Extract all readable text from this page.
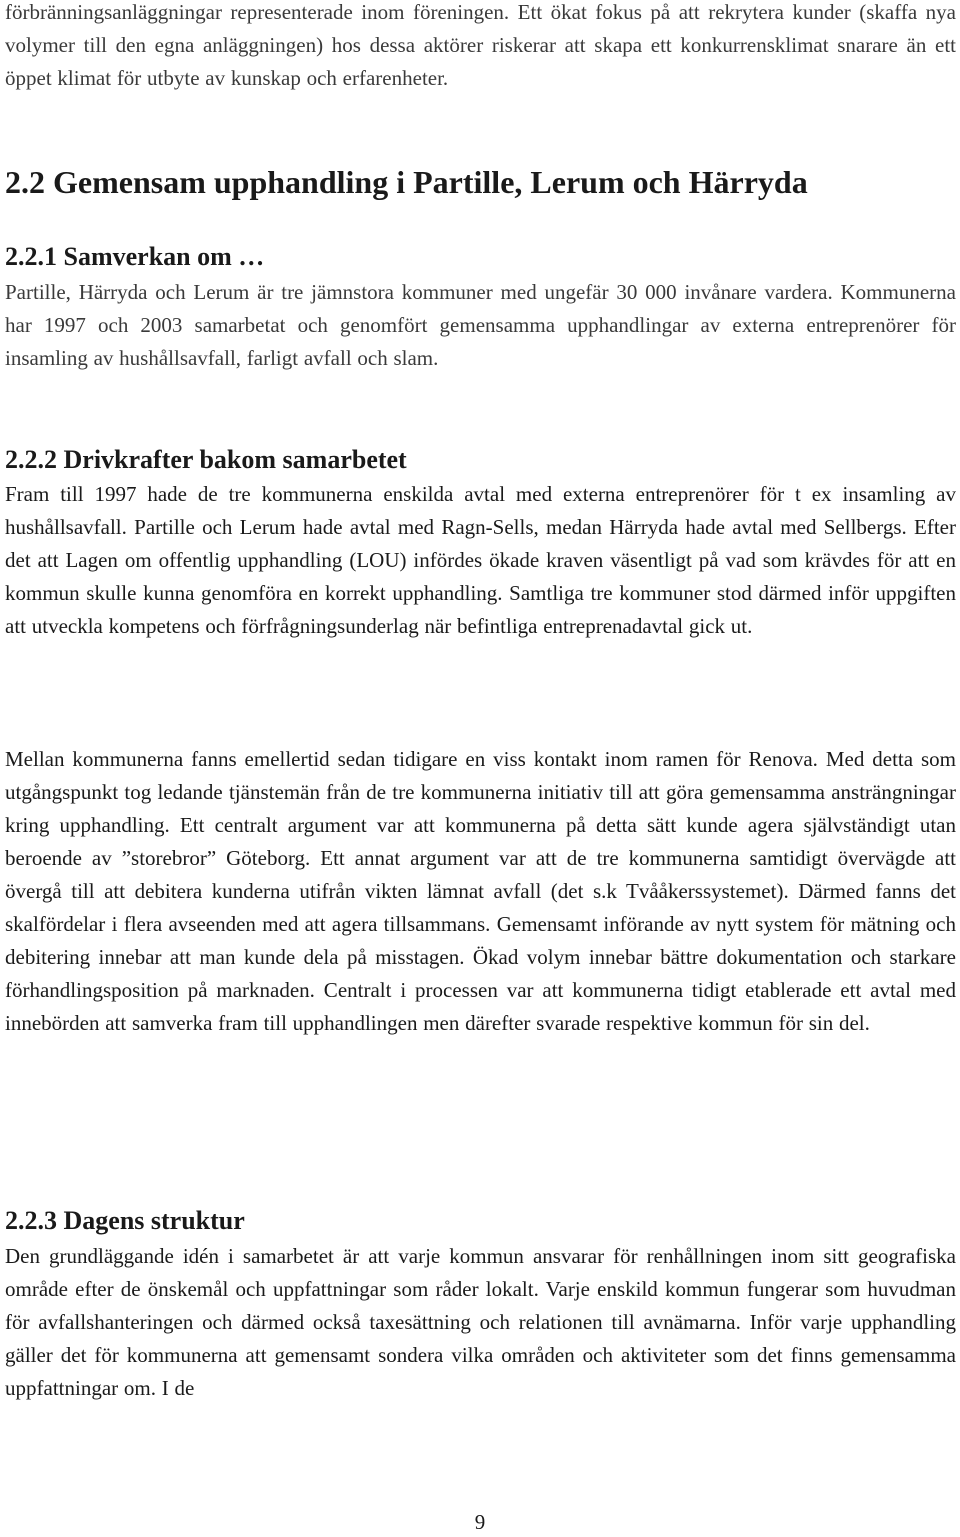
förbränningsanläggningar representerade inom föreningen. Ett ökat fokus på att rekrytera kunder (skaffa nya volymer till den egna anläggningen) hos dessa aktörer riskerar att skapa ett konkurrensklimat snarare än ett öppet klimat för utbyte av kunskap och erfarenheter.

2.2 Gemensam upphandling i Partille, Lerum och Härryda
2.2.1 Samverkan om …

Partille, Härryda och Lerum är tre jämnstora kommuner med ungefär 30 000 invånare vardera. Kommunerna har 1997 och 2003 samarbetat och genomfört gemensamma upphandlingar av externa entreprenörer för insamling av hushållsavfall, farligt avfall och slam.

2.2.2 Drivkrafter bakom samarbetet

Fram till 1997 hade de tre kommunerna enskilda avtal med externa entreprenörer för t ex insamling av hushållsavfall. Partille och Lerum hade avtal med Ragn-Sells, medan Härryda hade avtal med Sellbergs. Efter det att Lagen om offentlig upphandling (LOU) infördes ökade kraven väsentligt på vad som krävdes för att en kommun skulle kunna genomföra en korrekt upphandling. Samtliga tre kommuner stod därmed inför uppgiften att utveckla kompetens och förfrågningsunderlag när befintliga entreprenadavtal gick ut.

Mellan kommunerna fanns emellertid sedan tidigare en viss kontakt inom ramen för Renova. Med detta som utgångspunkt tog ledande tjänstemän från de tre kommunerna initiativ till att göra gemensamma ansträngningar kring upphandling. Ett centralt argument var att kommunerna på detta sätt kunde agera självständigt utan beroende av ”storebror” Göteborg. Ett annat argument var att de tre kommunerna samtidigt övervägde att övergå till att debitera kunderna utifrån vikten lämnat avfall (det s.k Tvååkerssystemet). Därmed fanns det skalfördelar i flera avseenden med att agera tillsammans. Gemensamt införande av nytt system för mätning och debitering innebar att man kunde dela på misstagen. Ökad volym innebar bättre dokumentation och starkare förhandlingsposition på marknaden. Centralt i processen var att kommunerna tidigt etablerade ett avtal med innebörden att samverka fram till upphandlingen men därefter svarade respektive kommun för sin del.

2.2.3 Dagens struktur

Den grundläggande idén i samarbetet är att varje kommun ansvarar för renhållningen inom sitt geografiska område efter de önskemål och uppfattningar som råder lokalt. Varje enskild kommun fungerar som huvudman för avfallshanteringen och därmed också taxesättning och relationen till avnämarna. Inför varje upphandling gäller det för kommunerna att gemensamt sondera vilka områden och aktiviteter som det finns gemensamma uppfattningar om. I de

9
